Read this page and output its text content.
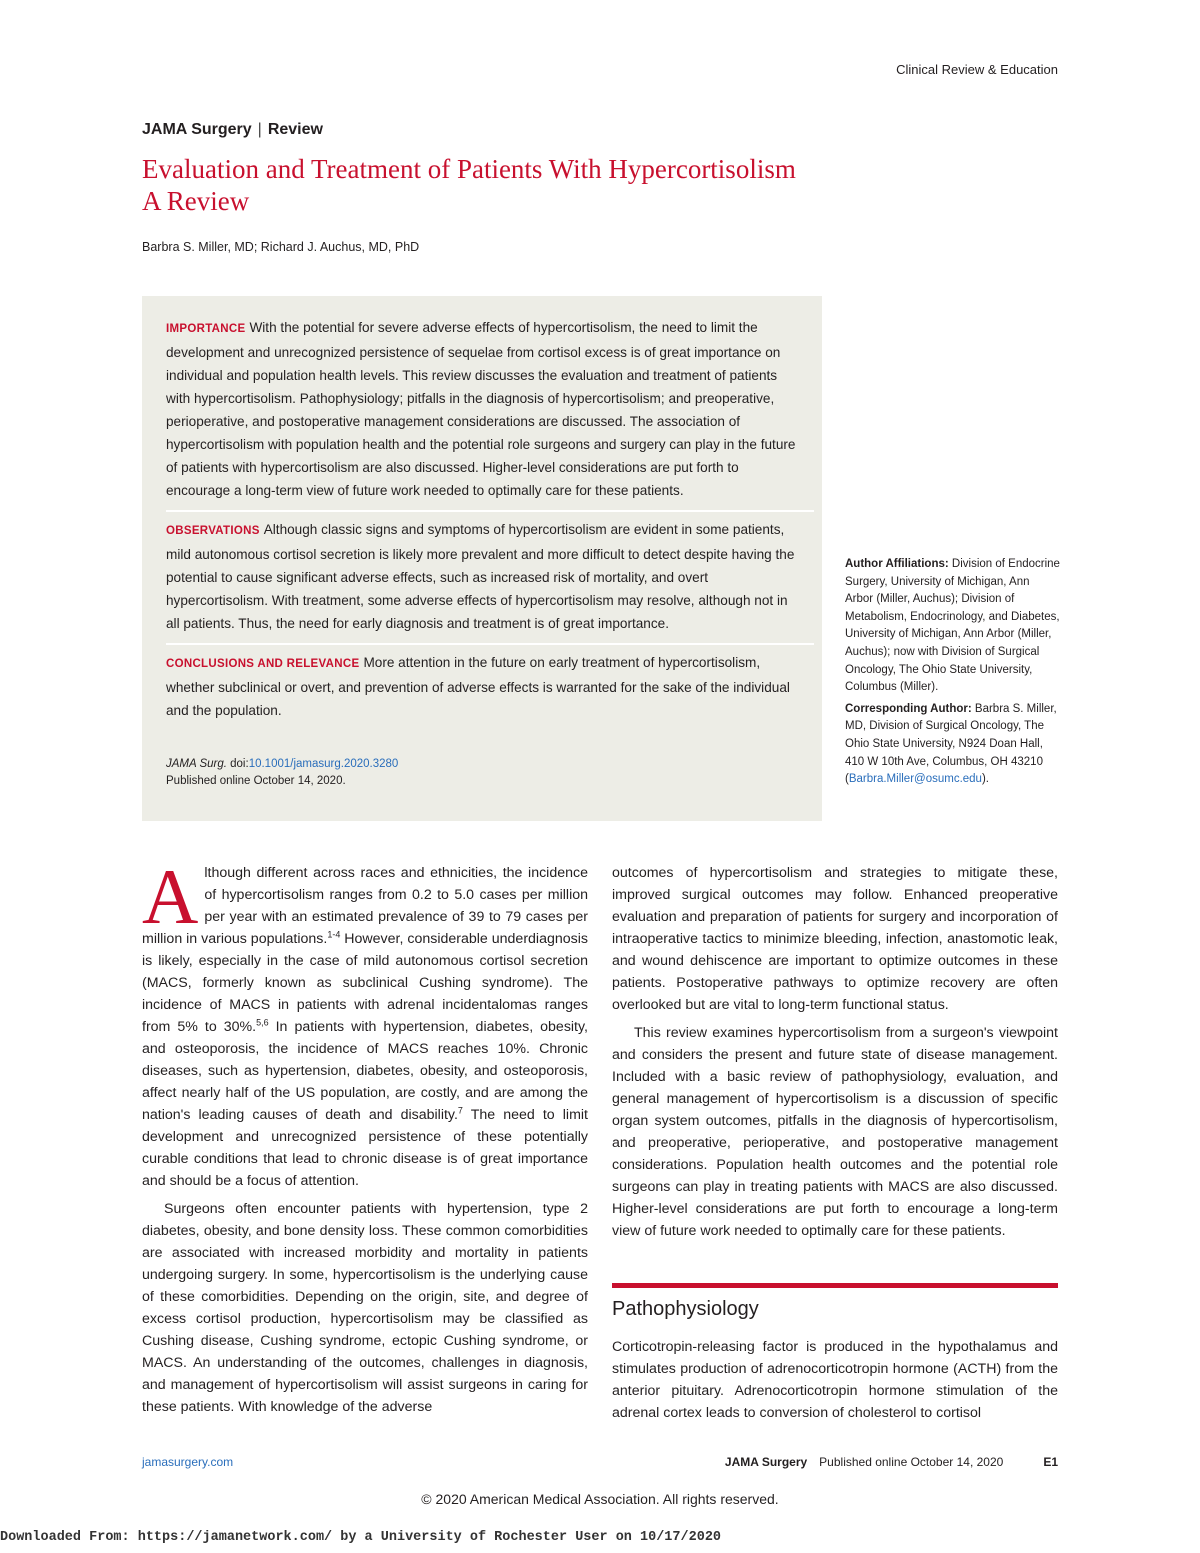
Clinical Review & Education
JAMA Surgery | Review
Evaluation and Treatment of Patients With Hypercortisolism
A Review
Barbra S. Miller, MD; Richard J. Auchus, MD, PhD

IMPORTANCE With the potential for severe adverse effects of hypercortisolism, the need to limit the development and unrecognized persistence of sequelae from cortisol excess is of great importance on individual and population health levels. This review discusses the evaluation and treatment of patients with hypercortisolism. Pathophysiology; pitfalls in the diagnosis of hypercortisolism; and preoperative, perioperative, and postoperative management considerations are discussed. The association of hypercortisolism with population health and the potential role surgeons and surgery can play in the future of patients with hypercortisolism are also discussed. Higher-level considerations are put forth to encourage a long-term view of future work needed to optimally care for these patients.

OBSERVATIONS Although classic signs and symptoms of hypercortisolism are evident in some patients, mild autonomous cortisol secretion is likely more prevalent and more difficult to detect despite having the potential to cause significant adverse effects, such as increased risk of mortality, and overt hypercortisolism. With treatment, some adverse effects of hypercortisolism may resolve, although not in all patients. Thus, the need for early diagnosis and treatment is of great importance.

CONCLUSIONS AND RELEVANCE More attention in the future on early treatment of hypercortisolism, whether subclinical or overt, and prevention of adverse effects is warranted for the sake of the individual and the population.

JAMA Surg. doi:10.1001/jamasurg.2020.3280
Published online October 14, 2020.
Author Affiliations: Division of Endocrine Surgery, University of Michigan, Ann Arbor (Miller, Auchus); Division of Metabolism, Endocrinology, and Diabetes, University of Michigan, Ann Arbor (Miller, Auchus); now with Division of Surgical Oncology, The Ohio State University, Columbus (Miller).
Corresponding Author: Barbra S. Miller, MD, Division of Surgical Oncology, The Ohio State University, N924 Doan Hall, 410 W 10th Ave, Columbus, OH 43210 (Barbra.Miller@osumc.edu).

Although different across races and ethnicities, the incidence of hypercortisolism ranges from 0.2 to 5.0 cases per million per year with an estimated prevalence of 39 to 79 cases per million in various populations.$^{1-4}$ However, considerable underdiagnosis is likely, especially in the case of mild autonomous cortisol secretion (MACS, formerly known as subclinical Cushing syndrome). The incidence of MACS in patients with adrenal incidentalomas ranges from 5% to 30%.$^{5,6}$ In patients with hypertension, diabetes, obesity, and osteoporosis, the incidence of MACS reaches 10%. Chronic diseases, such as hypertension, diabetes, obesity, and osteoporosis, affect nearly half of the US population, are costly, and are among the nation's leading causes of death and disability.$^7$ The need to limit development and unrecognized persistence of these potentially curable conditions that lead to chronic disease is of great importance and should be a focus of attention.

Surgeons often encounter patients with hypertension, type 2 diabetes, obesity, and bone density loss. These common comorbidities are associated with increased morbidity and mortality in patients undergoing surgery. In some, hypercortisolism is the underlying cause of these comorbidities. Depending on the origin, site, and degree of excess cortisol production, hypercortisolism may be classified as Cushing disease, Cushing syndrome, ectopic Cushing syndrome, or MACS. An understanding of the outcomes, challenges in diagnosis, and management of hypercortisolism will assist surgeons in caring for these patients. With knowledge of the adverse

outcomes of hypercortisolism and strategies to mitigate these, improved surgical outcomes may follow. Enhanced preoperative evaluation and preparation of patients for surgery and incorporation of intraoperative tactics to minimize bleeding, infection, anastomotic leak, and wound dehiscence are important to optimize outcomes in these patients. Postoperative pathways to optimize recovery are often overlooked but are vital to long-term functional status.

This review examines hypercortisolism from a surgeon's viewpoint and considers the present and future state of disease management. Included with a basic review of pathophysiology, evaluation, and general management of hypercortisolism is a discussion of specific organ system outcomes, pitfalls in the diagnosis of hypercortisolism, and preoperative, perioperative, and postoperative management considerations. Population health outcomes and the potential role surgeons can play in treating patients with MACS are also discussed. Higher-level considerations are put forth to encourage a long-term view of future work needed to optimally care for these patients.

Pathophysiology

Corticotropin-releasing factor is produced in the hypothalamus and stimulates production of adrenocorticotropin hormone (ACTH) from the anterior pituitary. Adrenocorticotropin hormone stimulation of the adrenal cortex leads to conversion of cholesterol to cortisol

jamasurgery.com	JAMA Surgery Published online October 14, 2020	E1
© 2020 American Medical Association. All rights reserved.
Downloaded From: https://jamanetwork.com/ by a University of Rochester User on 10/17/2020
